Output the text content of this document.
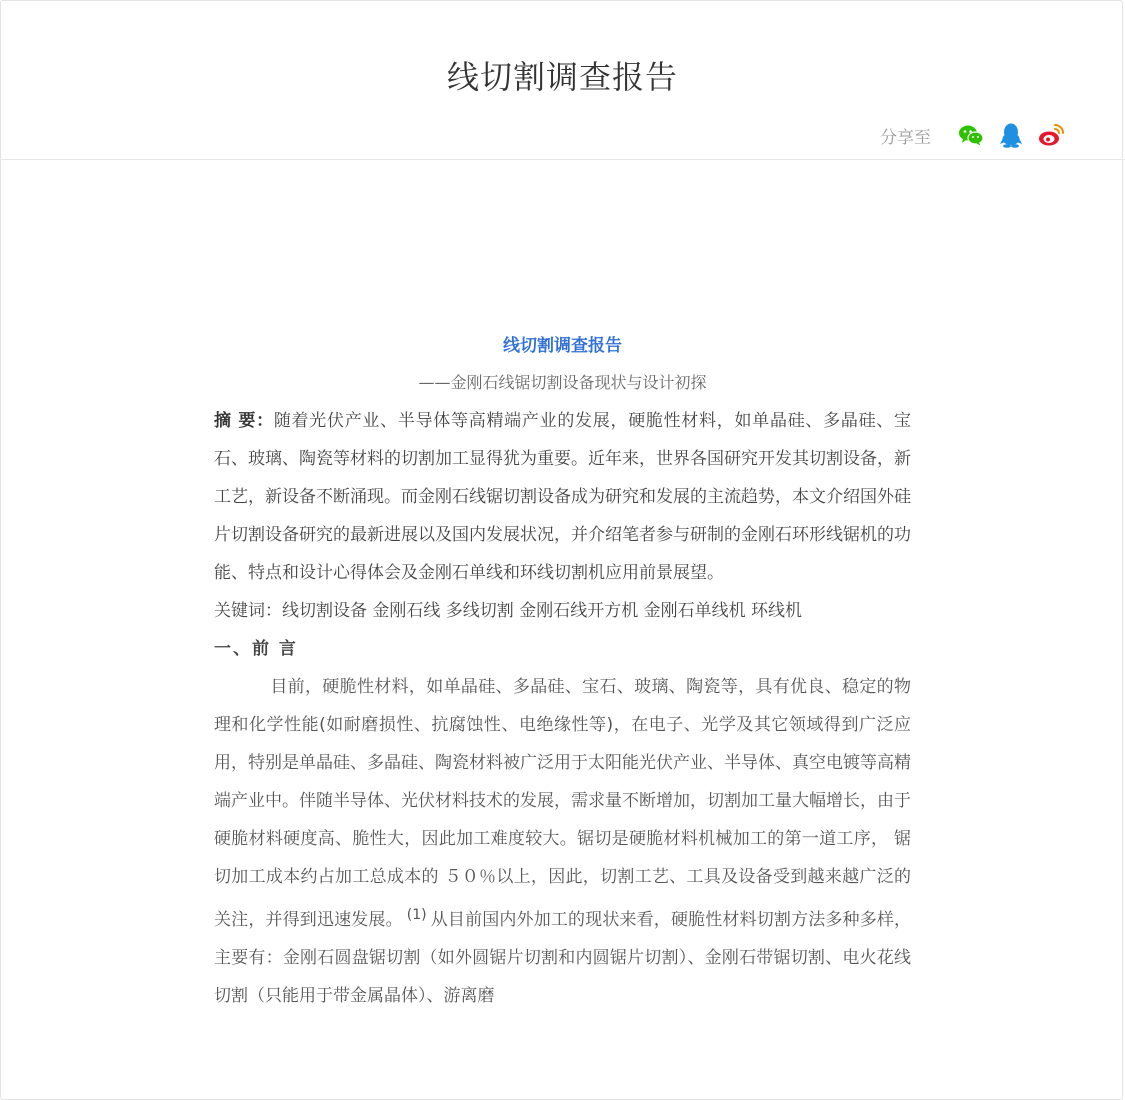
线切割调查报告
分享至
线切割调查报告
——金刚石线锯切割设备现状与设计初探

摘 要：随着光伏产业、半导体等高精端产业的发展，硬脆性材料，如单晶硅、多晶硅、宝石、玻璃、陶瓷等材料的切割加工显得犹为重要。近年来，世界各国研究开发其切割设备，新工艺，新设备不断涌现。而金刚石线锯切割设备成为研究和发展的主流趋势，本文介绍国外硅片切割设备研究的最新进展以及国内发展状况，并介绍笔者参与研制的金刚石环形线锯机的功能、特点和设计心得体会及金刚石单线和环线切割机应用前景展望。

关键词：线切割设备 金刚石线 多线切割 金刚石线开方机 金刚石单线机 环线机

一、前 言

目前，硬脆性材料，如单晶硅、多晶硅、宝石、玻璃、陶瓷等，具有优良、稳定的物理和化学性能(如耐磨损性、抗腐蚀性、电绝缘性等)，在电子、光学及其它领域得到广泛应用，特别是单晶硅、多晶硅、陶瓷材料被广泛用于太阳能光伏产业、半导体、真空电镀等高精端产业中。伴随半导体、光伏材料技术的发展，需求量不断增加，切割加工量大幅增长，由于硬脆材料硬度高、脆性大，因此加工难度较大。锯切是硬脆材料机械加工的第一道工序， 锯切加工成本约占加工总成本的 ５０％以上，因此，切割工艺、工具及设备受到越来越广泛的关注，并得到迅速发展。 $^{(1)}$ 从目前国内外加工的现状来看，硬脆性材料切割方法多种多样，主要有：金刚石圆盘锯切割（如外圆锯片切割和内圆锯片切割）、金刚石带锯切割、电火花线切割（只能用于带金属晶体）、游离磨
